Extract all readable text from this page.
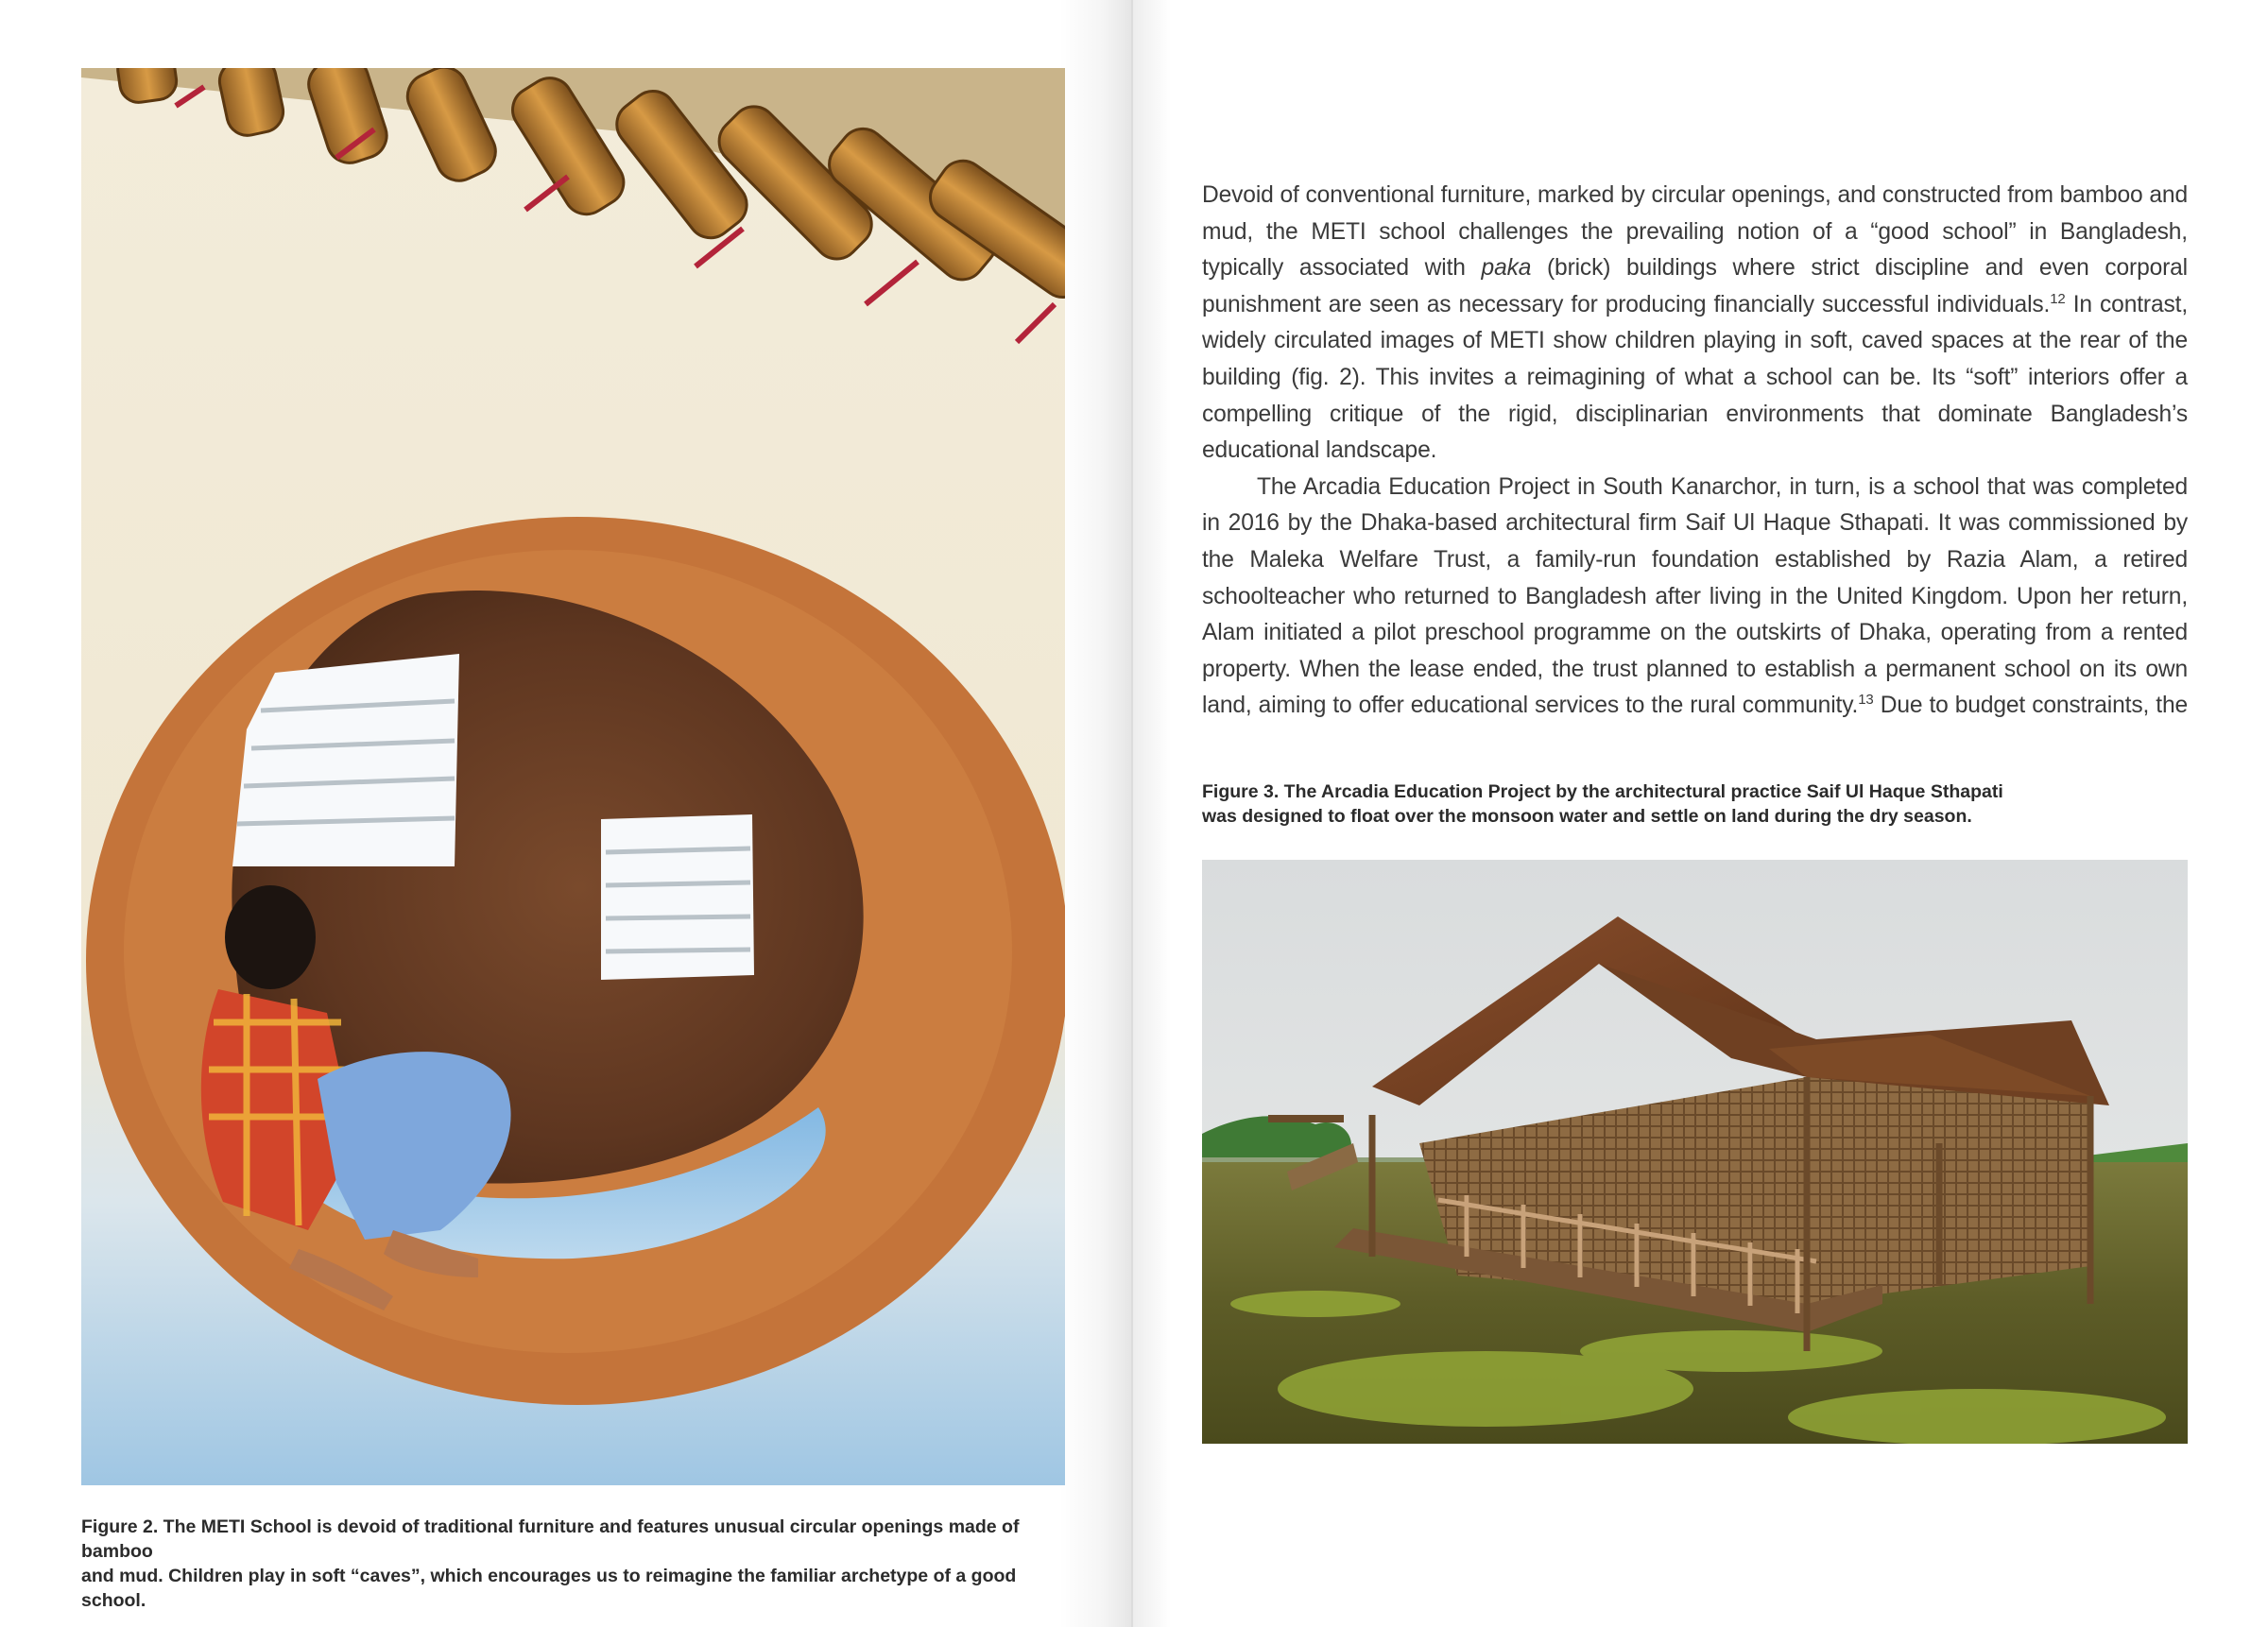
Figure 2. The METI School is devoid of traditional furniture and features unusual circular openings made of bamboo
and mud. Children play in soft “caves”, which encourages us to reimagine the familiar archetype of a good school.

Devoid of conventional furniture, marked by circular openings, and constructed from bamboo and mud, the METI school challenges the prevailing notion of a “good school” in Bangladesh, typically associated with paka (brick) buildings where strict discipline and even corporal punishment are seen as necessary for producing financially successful individuals.$^{12}$ In contrast, widely circulated images of METI show children playing in soft, caved spaces at the rear of the building (fig. 2). This invites a reimagining of what a school can be. Its “soft” interiors offer a compelling critique of the rigid, disciplinarian environments that dominate Bangladesh’s educational landscape.

The Arcadia Education Project in South Kanarchor, in turn, is a school that was completed in 2016 by the Dhaka-based architectural firm Saif Ul Haque Sthapati. It was commissioned by the Maleka Welfare Trust, a family-run foundation established by Razia Alam, a retired schoolteacher who returned to Bangladesh after living in the United Kingdom. Upon her return, Alam initiated a pilot preschool programme on the outskirts of Dhaka, operating from a rented property. When the lease ended, the trust planned to establish a permanent school on its own land, aiming to offer educational services to the rural community.$^{13}$ Due to budget constraints, the

Figure 3. The Arcadia Education Project by the architectural practice Saif Ul Haque Sthapati
was designed to float over the monsoon water and settle on land during the dry season.
